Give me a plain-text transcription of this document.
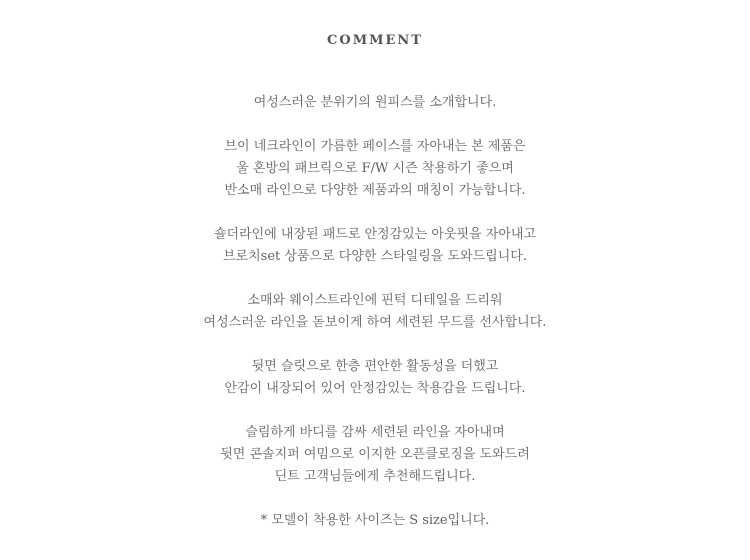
COMMENT
여성스러운 분위기의 원피스를 소개합니다.
브이 네크라인이 가름한 페이스를 자아내는 본 제품은
울 혼방의 패브릭으로 F/W 시즌 착용하기 좋으며
반소매 라인으로 다양한 제품과의 매칭이 가능합니다.
숄더라인에 내장된 패드로 안정감있는 아웃핏을 자아내고
브로치set 상품으로 다양한 스타일링을 도와드립니다.
소매와 웨이스트라인에 핀턱 디테일을 드리워
여성스러운 라인을 돋보이게 하여 세련된 무드를 선사합니다.
뒷면 슬릿으로 한층 편안한 활동성을 더했고
안감이 내장되어 있어 안정감있는 착용감을 드립니다.
슬림하게 바디를 감싸 세련된 라인을 자아내며
뒷면 콘솔지퍼 여밈으로 이지한 오픈클로징을 도와드려
딘트 고객님들에게 추천해드립니다.
* 모델이 착용한 사이즈는 S size입니다.
